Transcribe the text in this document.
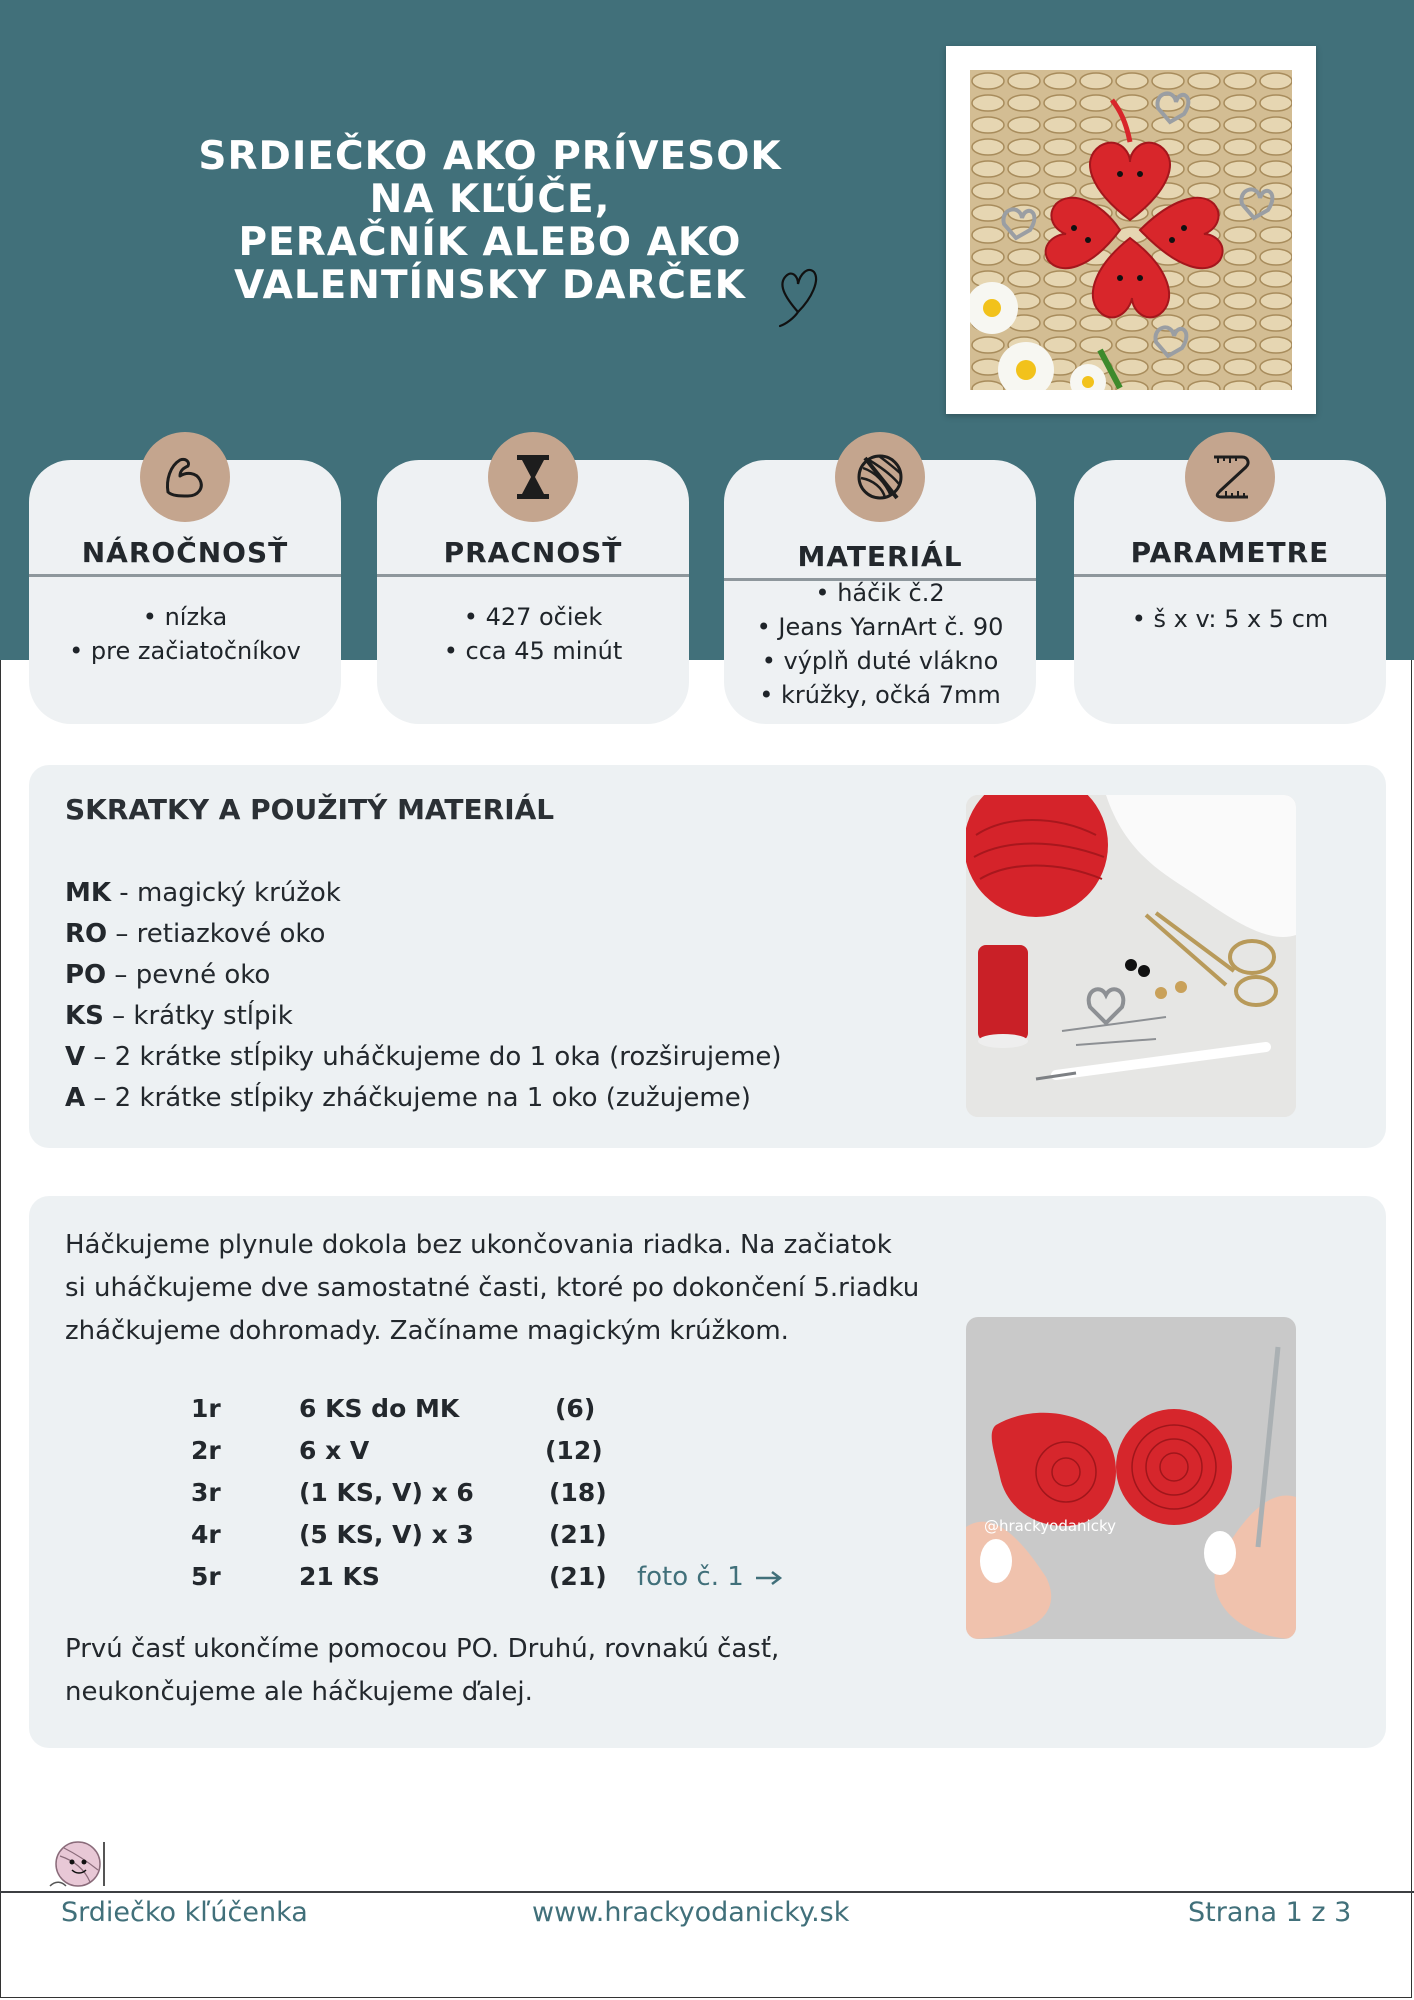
SRDIEČKO AKO PRÍVESOK
NA KĽÚČE,
PERAČNÍK ALEBO AKO
VALENTÍNSKY DARČEK
NÁROČNOSŤ
• nízka
• pre začiatočníkov
PRACNOSŤ
• 427 očiek
• cca 45 minút
MATERIÁL
• háčik č.2
• Jeans YarnArt č. 90
• výplň duté vlákno
• krúžky, očká 7mm
PARAMETRE
• š x v: 5 x 5 cm
SKRATKY A POUŽITÝ MATERIÁL
MK - magický krúžok
RO – retiazkové oko
PO – pevné oko
KS – krátky stĺpik
V – 2 krátke stĺpiky uháčkujeme do 1 oka (rozširujeme)
A – 2 krátke stĺpiky zháčkujeme na 1 oko (zužujeme)
Háčkujeme plynule dokola bez ukončovania riadka. Na začiatok
si uháčkujeme dve samostatné časti, ktoré po dokončení 5.riadku
zháčkujeme dohromady. Začíname magickým krúžkom.
1r	6 KS do MK	(6)
2r	6 x V	(12)
3r	(1 KS, V) x 6	(18)
4r	(5 KS, V) x 3	(21)
5r	21 KS	(21) foto č. 1
Prvú časť ukončíme pomocou PO. Druhú, rovnakú časť,
neukončujeme ale háčkujeme ďalej.
@hrackyodanicky
Srdiečko kľúčenka	www.hrackyodanicky.sk	Strana 1 z 3
